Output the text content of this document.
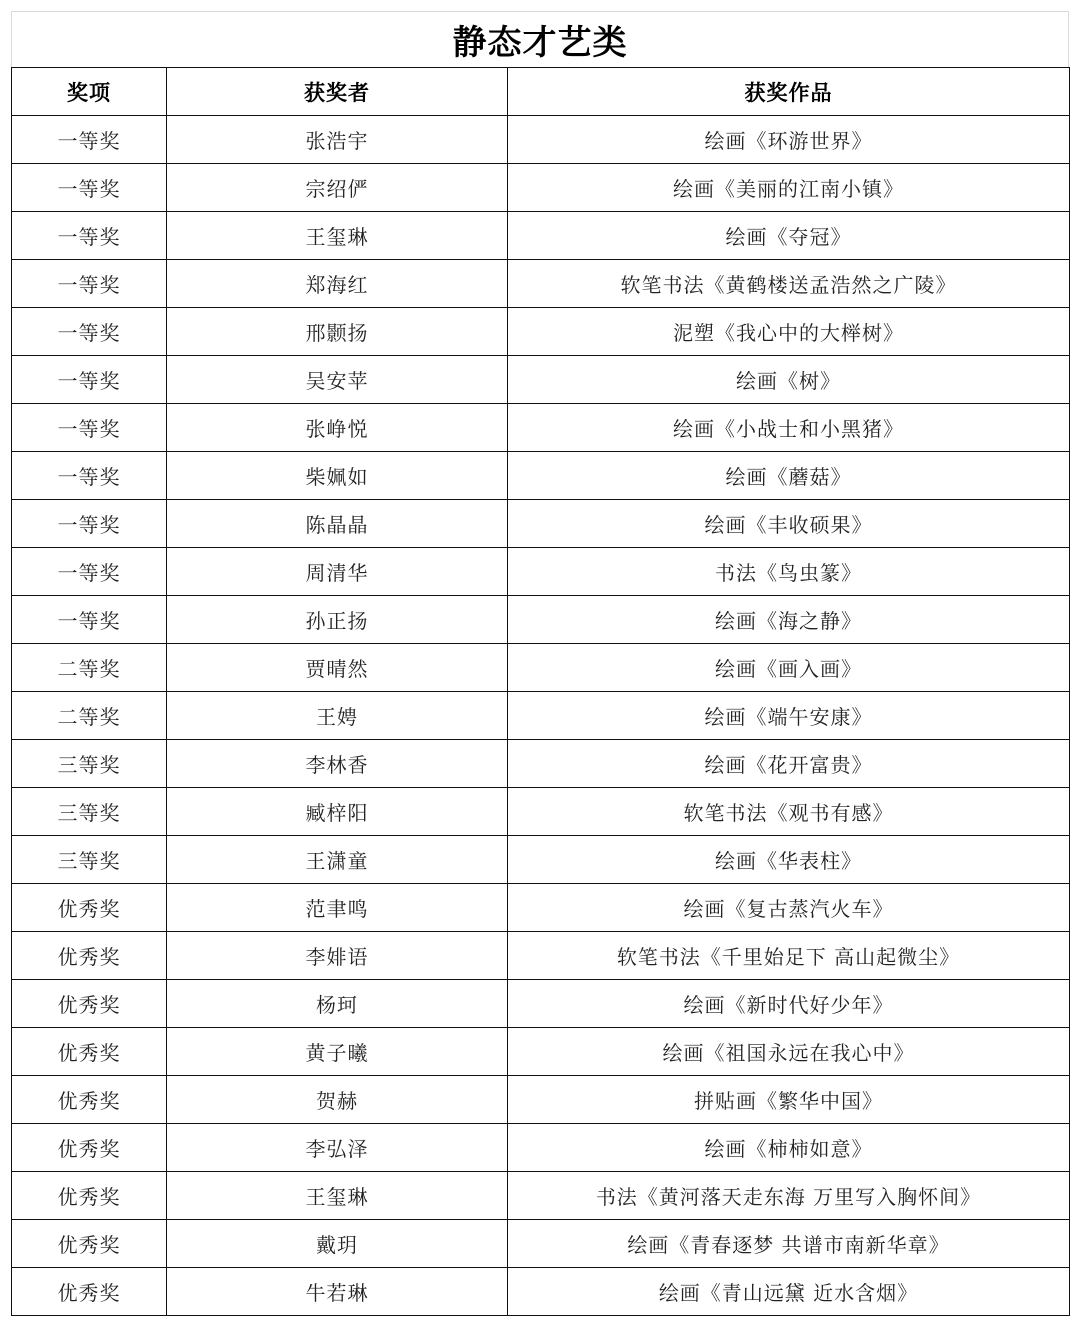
静态才艺类
奖项	获奖者	获奖作品
一等奖	张浩宇	绘画《环游世界》
一等奖	宗绍俨	绘画《美丽的江南小镇》
一等奖	王玺琳	绘画《夺冠》
一等奖	郑海红	软笔书法《黄鹤楼送孟浩然之广陵》
一等奖	邢颢扬	泥塑《我心中的大榉树》
一等奖	吴安苹	绘画《树》
一等奖	张峥悦	绘画《小战士和小黑猪》
一等奖	柴姵如	绘画《蘑菇》
一等奖	陈晶晶	绘画《丰收硕果》
一等奖	周清华	书法《鸟虫篆》
一等奖	孙正扬	绘画《海之静》
二等奖	贾晴然	绘画《画入画》
二等奖	王娉	绘画《端午安康》
三等奖	李林香	绘画《花开富贵》
三等奖	臧梓阳	软笔书法《观书有感》
三等奖	王潇童	绘画《华表柱》
优秀奖	范聿鸣	绘画《复古蒸汽火车》
优秀奖	李婔语	软笔书法《千里始足下 高山起微尘》
优秀奖	杨珂	绘画《新时代好少年》
优秀奖	黄子曦	绘画《祖国永远在我心中》
优秀奖	贺赫	拼贴画《繁华中国》
优秀奖	李弘泽	绘画《柿柿如意》
优秀奖	王玺琳	书法《黄河落天走东海 万里写入胸怀间》
优秀奖	戴玥	绘画《青春逐梦 共谱市南新华章》
优秀奖	牛若琳	绘画《青山远黛 近水含烟》
